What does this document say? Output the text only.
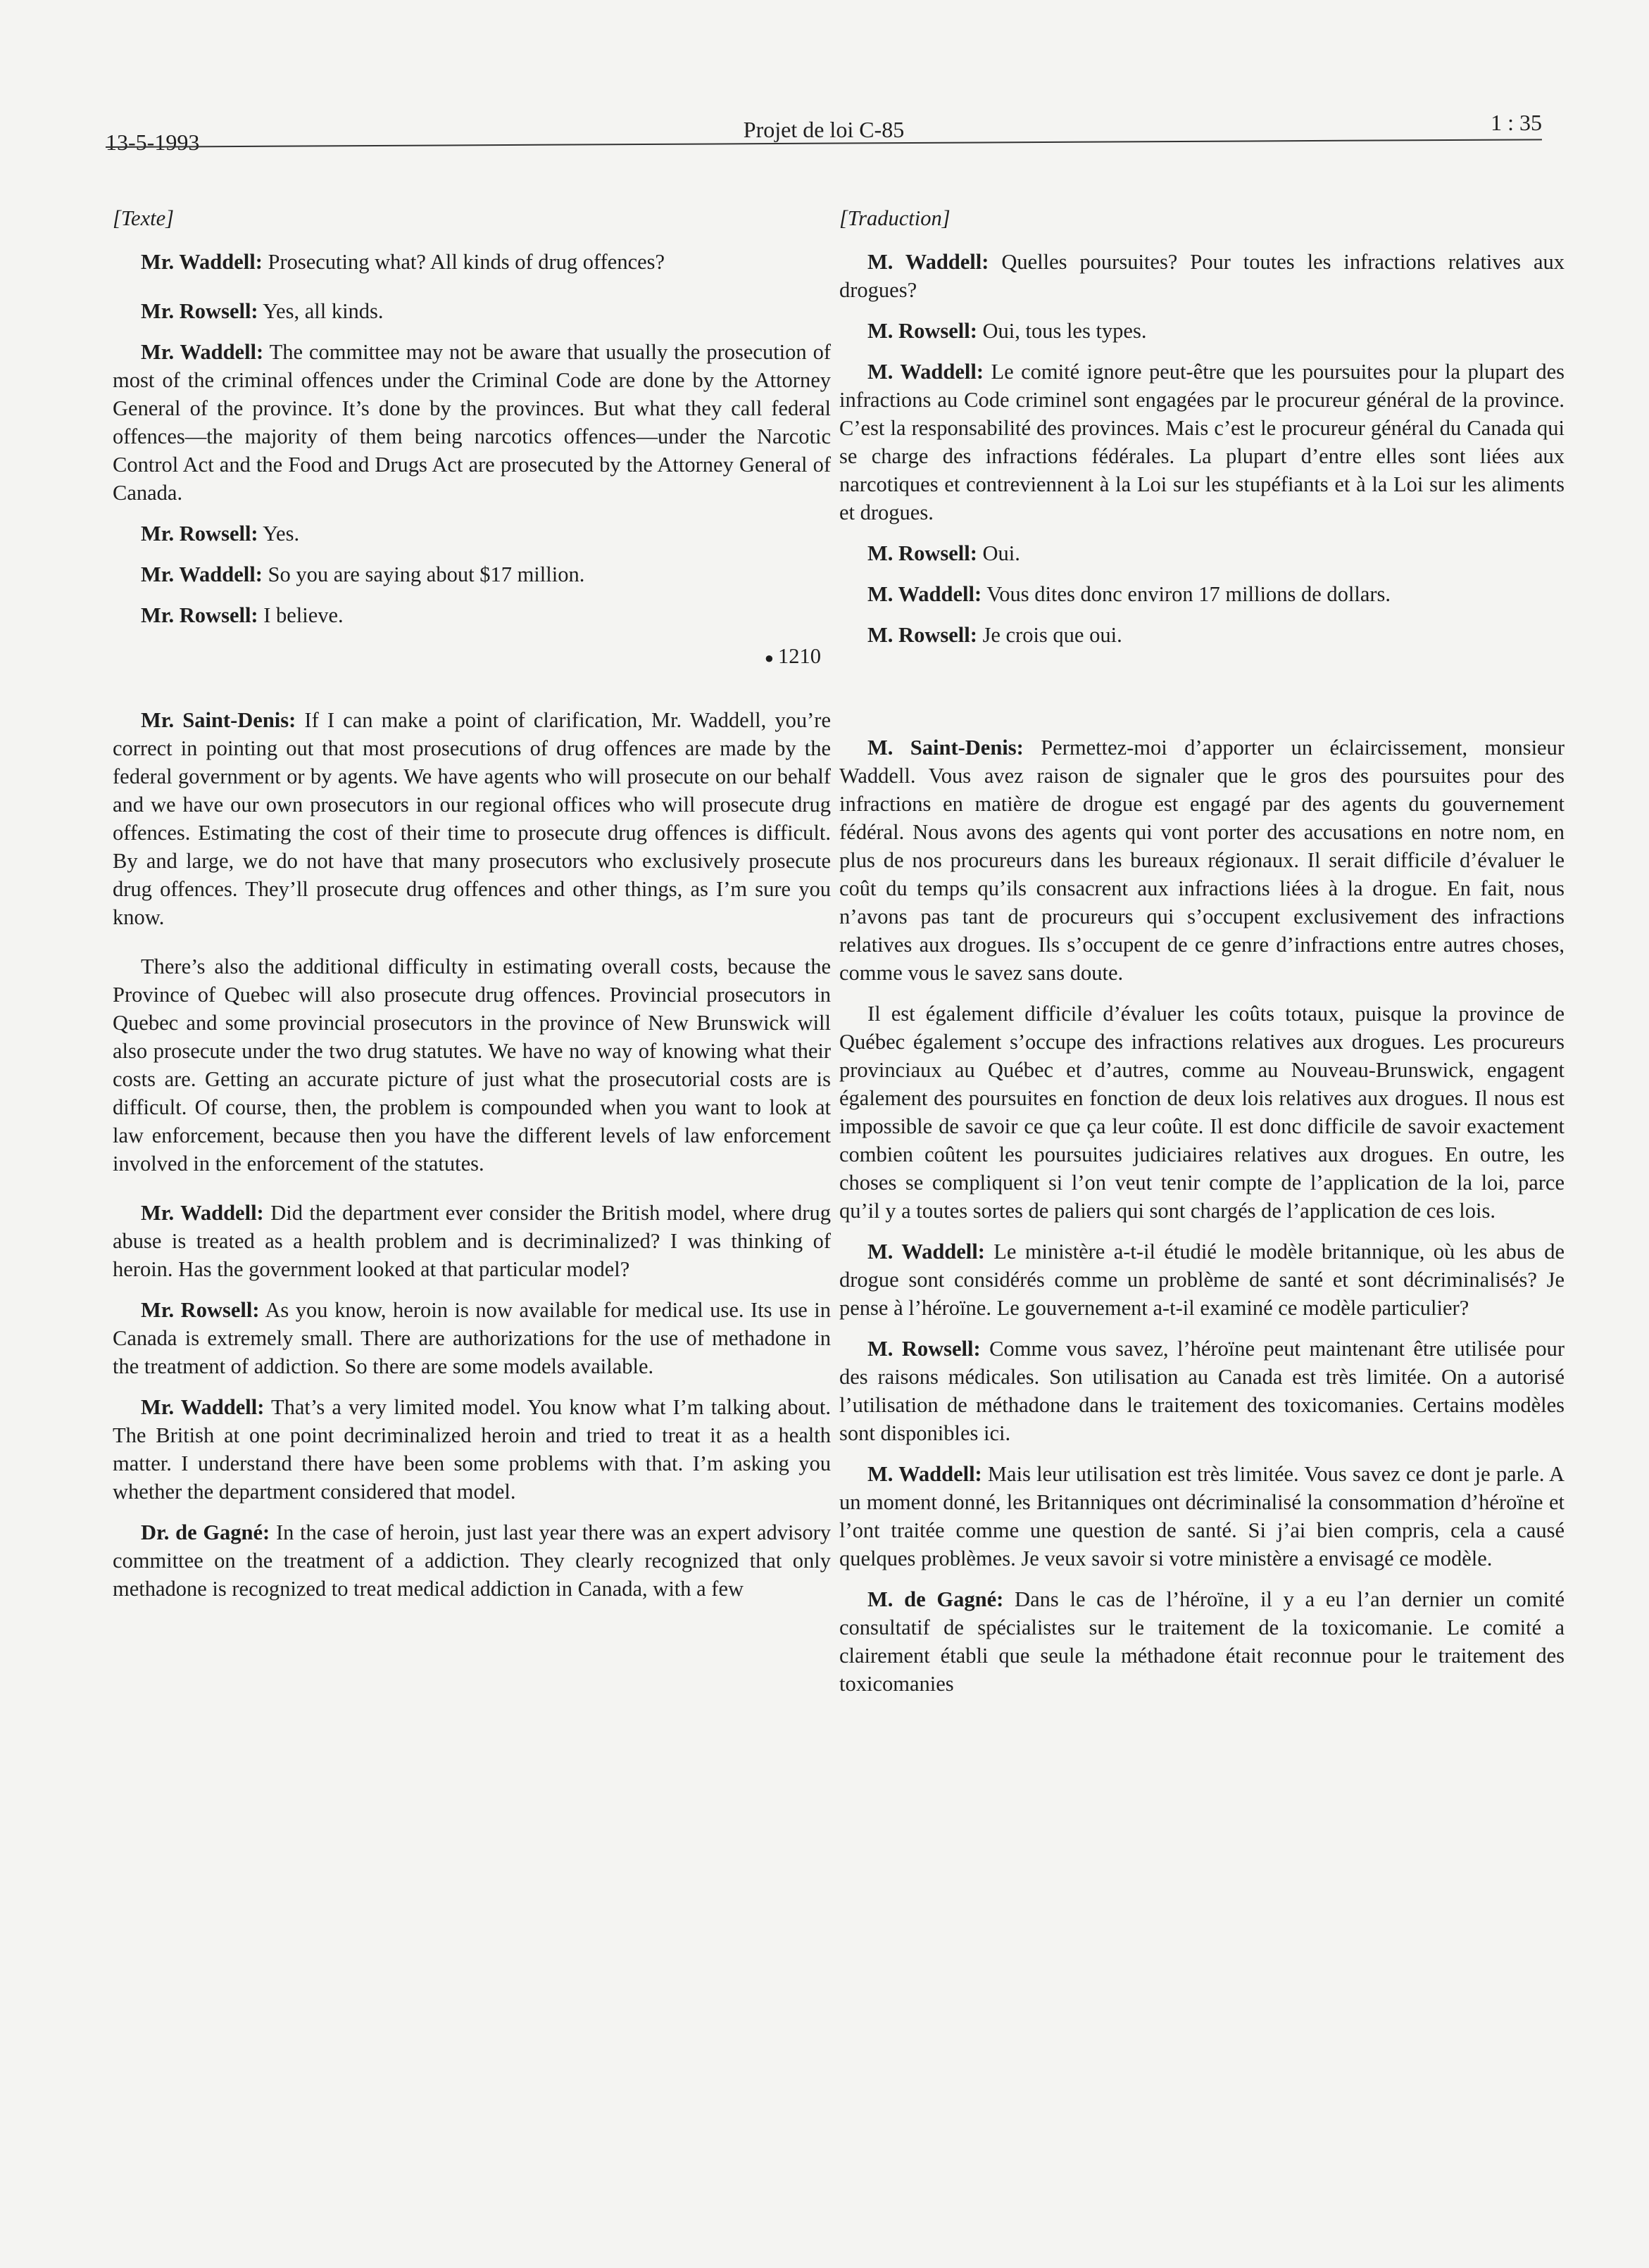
13-5-1993	Projet de loi C-85	1 : 35
[Texte]

Mr. Waddell: Prosecuting what? All kinds of drug offences?

Mr. Rowsell: Yes, all kinds.

Mr. Waddell: The committee may not be aware that usually the prosecution of most of the criminal offences under the Criminal Code are done by the Attorney General of the province. It’s done by the provinces. But what they call federal offences—the majority of them being narcotics offences—under the Narcotic Control Act and the Food and Drugs Act are prosecuted by the Attorney General of Canada.

Mr. Rowsell: Yes.

Mr. Waddell: So you are saying about $17 million.

Mr. Rowsell: I believe.

● 1210

Mr. Saint-Denis: If I can make a point of clarification, Mr. Waddell, you’re correct in pointing out that most prosecutions of drug offences are made by the federal government or by agents. We have agents who will prosecute on our behalf and we have our own prosecutors in our regional offices who will prosecute drug offences. Estimating the cost of their time to prosecute drug offences is difficult. By and large, we do not have that many prosecutors who exclusively prosecute drug offences. They’ll prosecute drug offences and other things, as I’m sure you know.

There’s also the additional difficulty in estimating overall costs, because the Province of Quebec will also prosecute drug offences. Provincial prosecutors in Quebec and some provincial prosecutors in the province of New Brunswick will also prosecute under the two drug statutes. We have no way of knowing what their costs are. Getting an accurate picture of just what the prosecutorial costs are is difficult. Of course, then, the problem is compounded when you want to look at law enforcement, because then you have the different levels of law enforcement involved in the enforcement of the statutes.

Mr. Waddell: Did the department ever consider the British model, where drug abuse is treated as a health problem and is decriminalized? I was thinking of heroin. Has the government looked at that particular model?

Mr. Rowsell: As you know, heroin is now available for medical use. Its use in Canada is extremely small. There are authorizations for the use of methadone in the treatment of addiction. So there are some models available.

Mr. Waddell: That’s a very limited model. You know what I’m talking about. The British at one point decriminalized heroin and tried to treat it as a health matter. I understand there have been some problems with that. I’m asking you whether the department considered that model.

Dr. de Gagné: In the case of heroin, just last year there was an expert advisory committee on the treatment of a addiction. They clearly recognized that only methadone is recognized to treat medical addiction in Canada, with a few

[Traduction]

M. Waddell: Quelles poursuites? Pour toutes les infractions relatives aux drogues?

M. Rowsell: Oui, tous les types.

M. Waddell: Le comité ignore peut-être que les poursuites pour la plupart des infractions au Code criminel sont engagées par le procureur général de la province. C’est la responsabilité des provinces. Mais c’est le procureur général du Canada qui se charge des infractions fédérales. La plupart d’entre elles sont liées aux narcotiques et contreviennent à la Loi sur les stupéfiants et à la Loi sur les aliments et drogues.

M. Rowsell: Oui.

M. Waddell: Vous dites donc environ 17 millions de dollars.

M. Rowsell: Je crois que oui.

M. Saint-Denis: Permettez-moi d’apporter un éclaircissement, monsieur Waddell. Vous avez raison de signaler que le gros des poursuites pour des infractions en matière de drogue est engagé par des agents du gouvernement fédéral. Nous avons des agents qui vont porter des accusations en notre nom, en plus de nos procureurs dans les bureaux régionaux. Il serait difficile d’évaluer le coût du temps qu’ils consacrent aux infractions liées à la drogue. En fait, nous n’avons pas tant de procureurs qui s’occupent exclusivement des infractions relatives aux drogues. Ils s’occupent de ce genre d’infractions entre autres choses, comme vous le savez sans doute.

Il est également difficile d’évaluer les coûts totaux, puisque la province de Québec également s’occupe des infractions relatives aux drogues. Les procureurs provinciaux au Québec et d’autres, comme au Nouveau-Brunswick, engagent également des poursuites en fonction de deux lois relatives aux drogues. Il nous est impossible de savoir ce que ça leur coûte. Il est donc difficile de savoir exactement combien coûtent les poursuites judiciaires relatives aux drogues. En outre, les choses se compliquent si l’on veut tenir compte de l’application de la loi, parce qu’il y a toutes sortes de paliers qui sont chargés de l’application de ces lois.

M. Waddell: Le ministère a-t-il étudié le modèle britannique, où les abus de drogue sont considérés comme un problème de santé et sont décriminalisés? Je pense à l’héroïne. Le gouvernement a-t-il examiné ce modèle particulier?

M. Rowsell: Comme vous savez, l’héroïne peut maintenant être utilisée pour des raisons médicales. Son utilisation au Canada est très limitée. On a autorisé l’utilisation de méthadone dans le traitement des toxicomanies. Certains modèles sont disponibles ici.

M. Waddell: Mais leur utilisation est très limitée. Vous savez ce dont je parle. A un moment donné, les Britanniques ont décriminalisé la consommation d’héroïne et l’ont traitée comme une question de santé. Si j’ai bien compris, cela a causé quelques problèmes. Je veux savoir si votre ministère a envisagé ce modèle.

M. de Gagné: Dans le cas de l’héroïne, il y a eu l’an dernier un comité consultatif de spécialistes sur le traitement de la toxicomanie. Le comité a clairement établi que seule la méthadone était reconnue pour le traitement des toxicomanies
